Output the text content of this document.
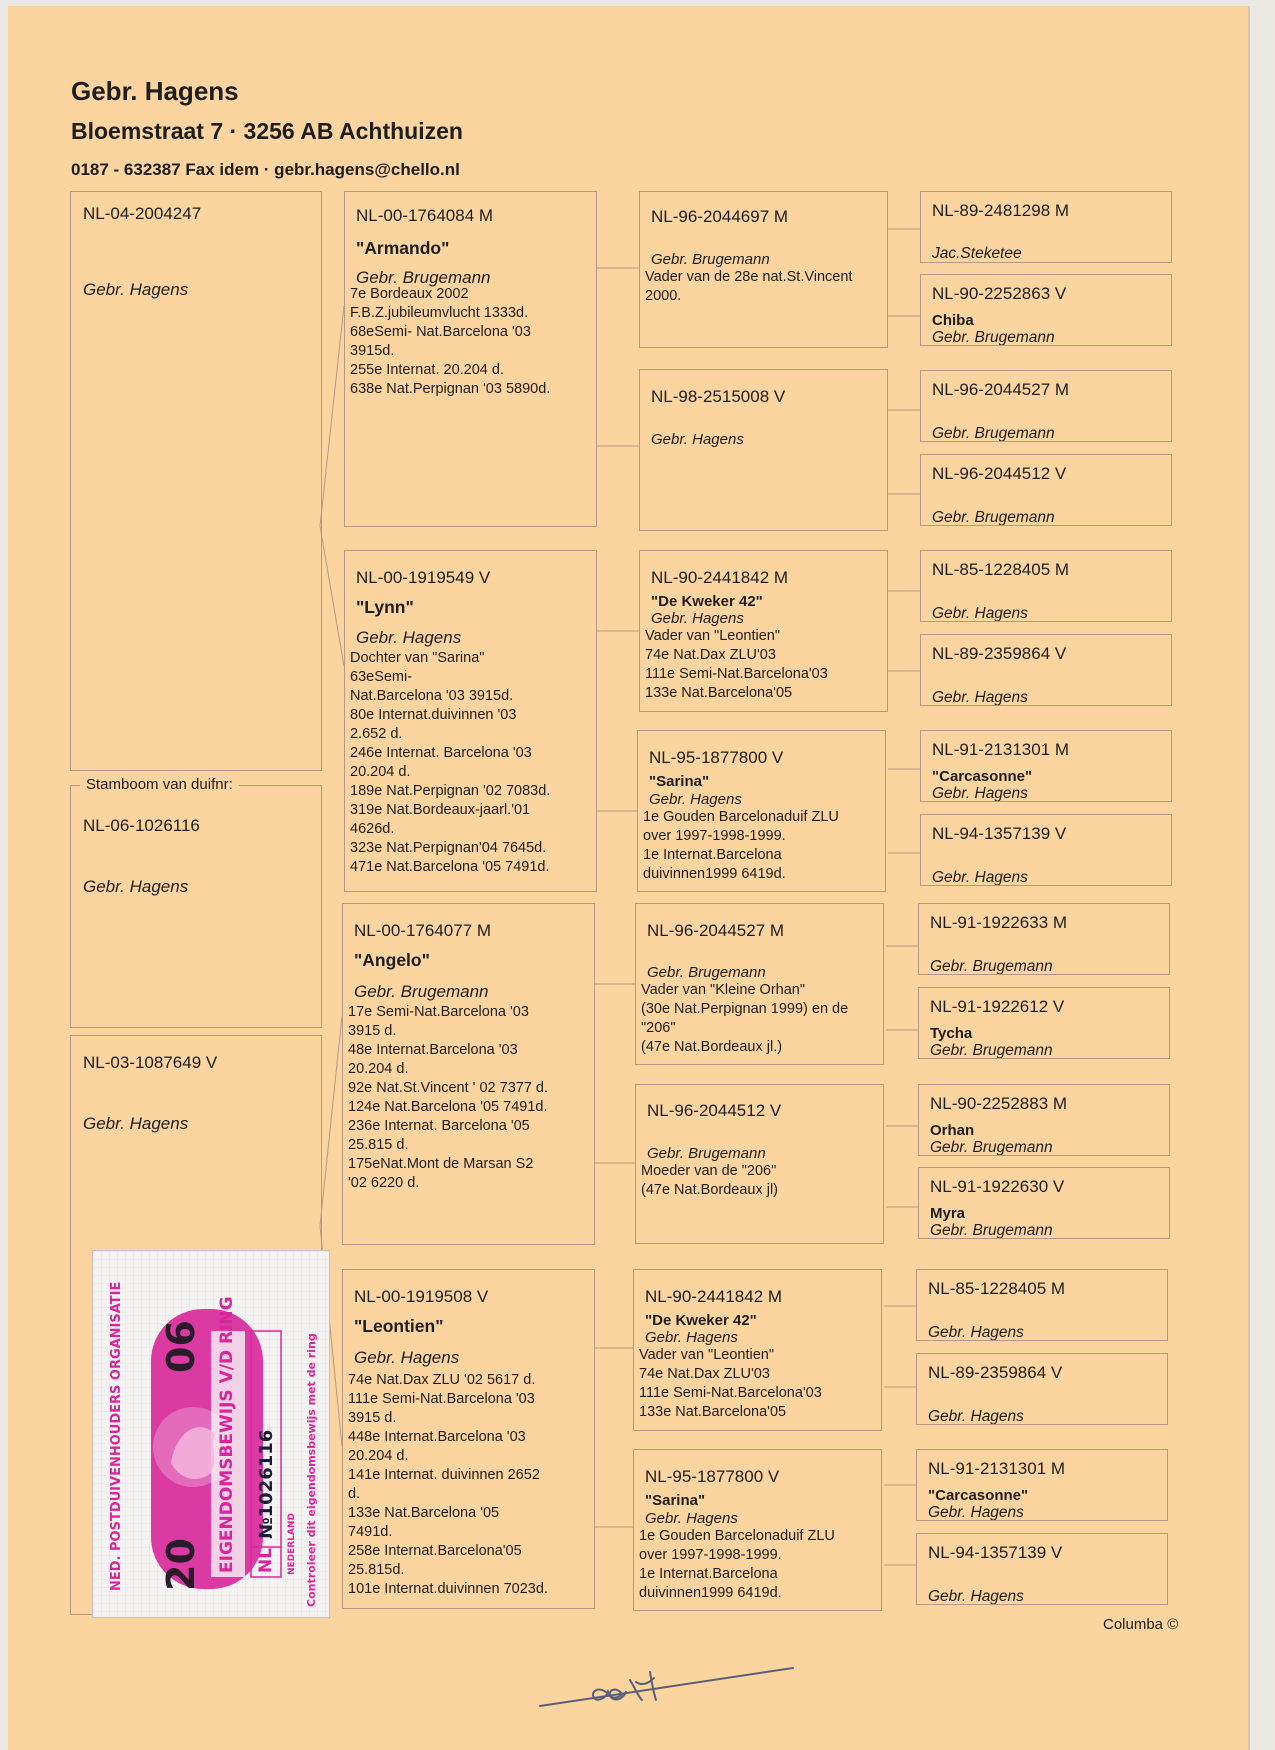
Gebr. Hagens
Bloemstraat 7 · 3256 AB Achthuizen
0187 - 632387 Fax idem · gebr.hagens@chello.nl
NL-04-2004247
Gebr. Hagens
NL-06-1026116
Gebr. Hagens
Stamboom van duifnr:
NL-03-1087649 V
Gebr. Hagens
NL-00-1764084 M
"Armando"
Gebr. Brugemann
7e Bordeaux 2002
F.B.Z.jubileumvlucht 1333d.
68eSemi- Nat.Barcelona '03
3915d.
255e Internat. 20.204 d.
638e Nat.Perpignan '03 5890d.
NL-00-1919549 V
"Lynn"
Gebr. Hagens
Dochter van "Sarina"
63eSemi-
Nat.Barcelona '03 3915d.
80e Internat.duivinnen '03
2.652 d.
246e Internat. Barcelona '03
20.204 d.
189e Nat.Perpignan '02 7083d.
319e Nat.Bordeaux-jaarl.'01
4626d.
323e Nat.Perpignan'04 7645d.
471e Nat.Barcelona '05 7491d.
NL-00-1764077 M
"Angelo"
Gebr. Brugemann
17e Semi-Nat.Barcelona '03
3915 d.
48e Internat.Barcelona '03
20.204 d.
92e Nat.St.Vincent ' 02 7377 d.
124e Nat.Barcelona '05 7491d.
236e Internat. Barcelona '05
25.815 d.
175eNat.Mont de Marsan S2
'02 6220 d.
NL-00-1919508 V
"Leontien"
Gebr. Hagens
74e Nat.Dax ZLU '02 5617 d.
111e Semi-Nat.Barcelona '03
3915 d.
448e Internat.Barcelona '03
20.204 d.
141e Internat. duivinnen 2652
d.
133e Nat.Barcelona '05
7491d.
258e Internat.Barcelona'05
25.815d.
101e Internat.duivinnen 7023d.
NL-96-2044697 M
Gebr. Brugemann
Vader van de 28e nat.St.Vincent
2000.
NL-98-2515008 V
Gebr. Hagens
NL-90-2441842 M
"De Kweker 42"
Gebr. Hagens
Vader van "Leontien"
74e Nat.Dax ZLU'03
111e Semi-Nat.Barcelona'03
133e Nat.Barcelona'05
NL-95-1877800 V
"Sarina"
Gebr. Hagens
1e Gouden Barcelonaduif ZLU
over 1997-1998-1999.
1e Internat.Barcelona
duivinnen1999 6419d.
NL-96-2044527 M
Gebr. Brugemann
Vader van "Kleine Orhan"
(30e Nat.Perpignan 1999) en de
"206"
(47e Nat.Bordeaux jl.)
NL-96-2044512 V
Gebr. Brugemann
Moeder van de "206"
(47e Nat.Bordeaux jl)
NL-90-2441842 M
"De Kweker 42"
Gebr. Hagens
Vader van "Leontien"
74e Nat.Dax ZLU'03
111e Semi-Nat.Barcelona'03
133e Nat.Barcelona'05
NL-95-1877800 V
"Sarina"
Gebr. Hagens
1e Gouden Barcelonaduif ZLU
over 1997-1998-1999.
1e Internat.Barcelona
duivinnen1999 6419d.
NL-89-2481298 M
Jac.Steketee
NL-90-2252863 V
Chiba
Gebr. Brugemann
NL-96-2044527 M
Gebr. Brugemann
NL-96-2044512 V
Gebr. Brugemann
NL-85-1228405 M
Gebr. Hagens
NL-89-2359864 V
Gebr. Hagens
NL-91-2131301 M
"Carcasonne"
Gebr. Hagens
NL-94-1357139 V
Gebr. Hagens
NL-91-1922633 M
Gebr. Brugemann
NL-91-1922612 V
Tycha
Gebr. Brugemann
NL-90-2252883 M
Orhan
Gebr. Brugemann
NL-91-1922630 V
Myra
Gebr. Brugemann
NL-85-1228405 M
Gebr. Hagens
NL-89-2359864 V
Gebr. Hagens
NL-91-2131301 M
"Carcasonne"
Gebr. Hagens
NL-94-1357139 V
Gebr. Hagens
Columba ©
NED. POSTDUIVENHOUDERS ORGANISATIE 20
06 EIGENDOMSBEWIJS V/D RING NL
№1026116
NEDERLAND Controleer dit eigendomsbewijs met de ring
